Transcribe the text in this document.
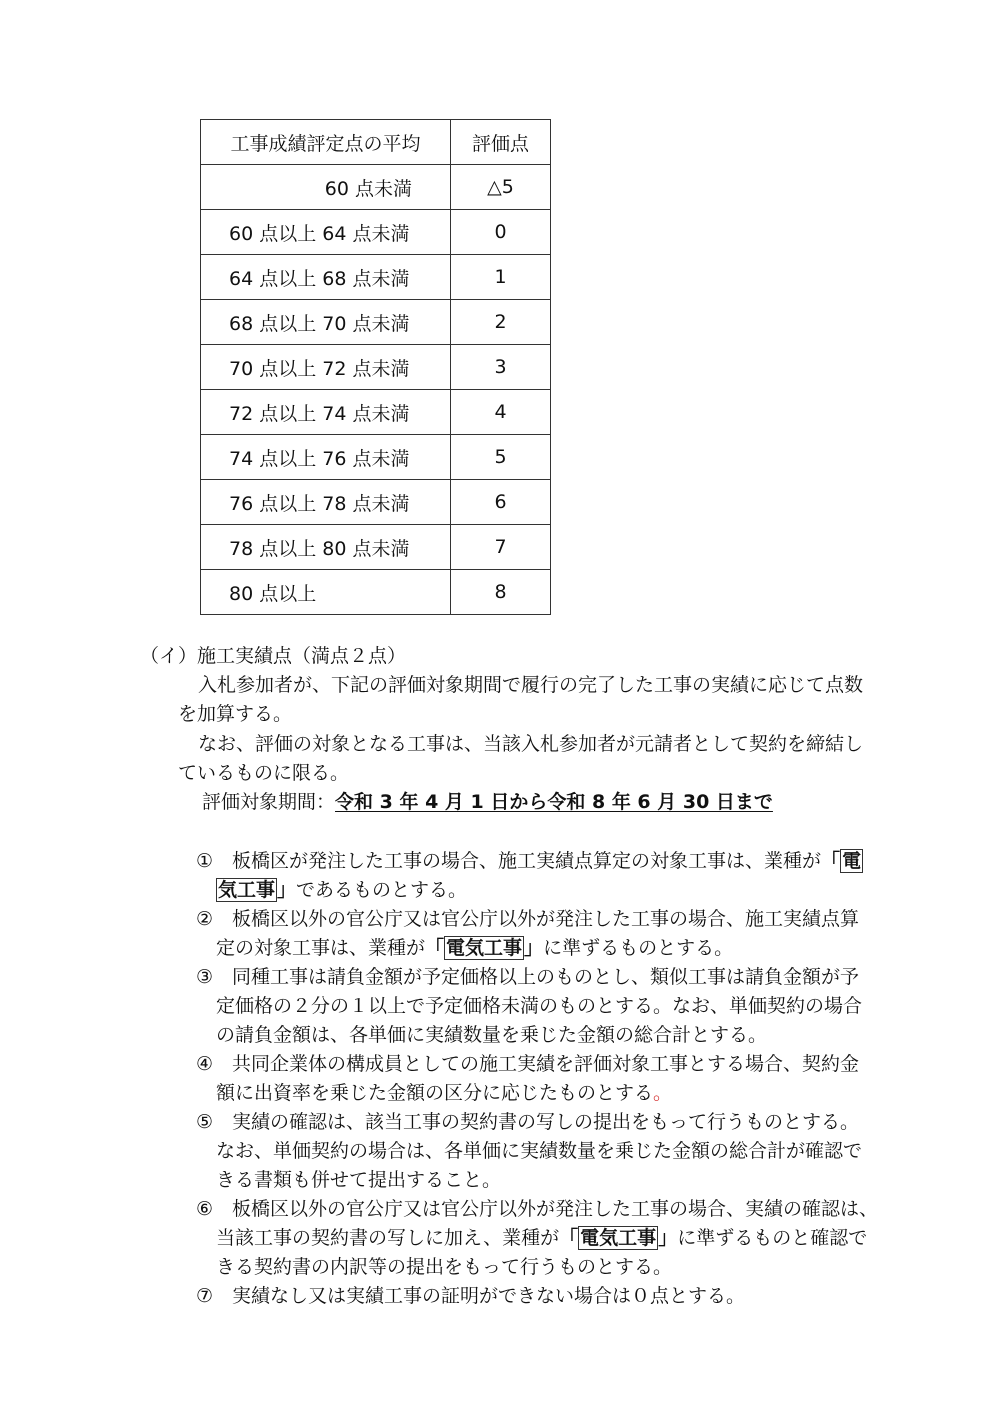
工事成績評定点の平均	評価点
60 点未満	△5
60 点以上 64 点未満	0
64 点以上 68 点未満	1
68 点以上 70 点未満	2
70 点以上 72 点未満	3
72 点以上 74 点未満	4
74 点以上 76 点未満	5
76 点以上 78 点未満	6
78 点以上 80 点未満	7
80 点以上	8
（イ）施工実績点（満点２点）
入札参加者が、下記の評価対象期間で履行の完了した工事の実績に応じて点数
を加算する。
なお、評価の対象となる工事は、当該入札参加者が元請者として契約を締結し
ているものに限る。
評価対象期間：令和 3 年 4 月 1 日から令和 8 年 6 月 30 日まで
①　板橋区が発注した工事の場合、施工実績点算定の対象工事は、業種が「 電
気工事 」であるものとする。
②　板橋区以外の官公庁又は官公庁以外が発注した工事の場合、施工実績点算
定の対象工事は、業種が「 電気工事 」に準ずるものとする。
③　同種工事は請負金額が予定価格以上のものとし、類似工事は請負金額が予
定価格の２分の１以上で予定価格未満のものとする。なお、単価契約の場合
の請負金額は、各単価に実績数量を乗じた金額の総合計とする。
④　共同企業体の構成員としての施工実績を評価対象工事とする場合、契約金
額に出資率を乗じた金額の区分に応じたものとする。
⑤　実績の確認は、該当工事の契約書の写しの提出をもって行うものとする。
なお、単価契約の場合は、各単価に実績数量を乗じた金額の総合計が確認で
きる書類も併せて提出すること。
⑥　板橋区以外の官公庁又は官公庁以外が発注した工事の場合、実績の確認は、
当該工事の契約書の写しに加え、業種が「 電気工事 」に準ずるものと確認で
きる契約書の内訳等の提出をもって行うものとする。
⑦　実績なし又は実績工事の証明ができない場合は０点とする。
